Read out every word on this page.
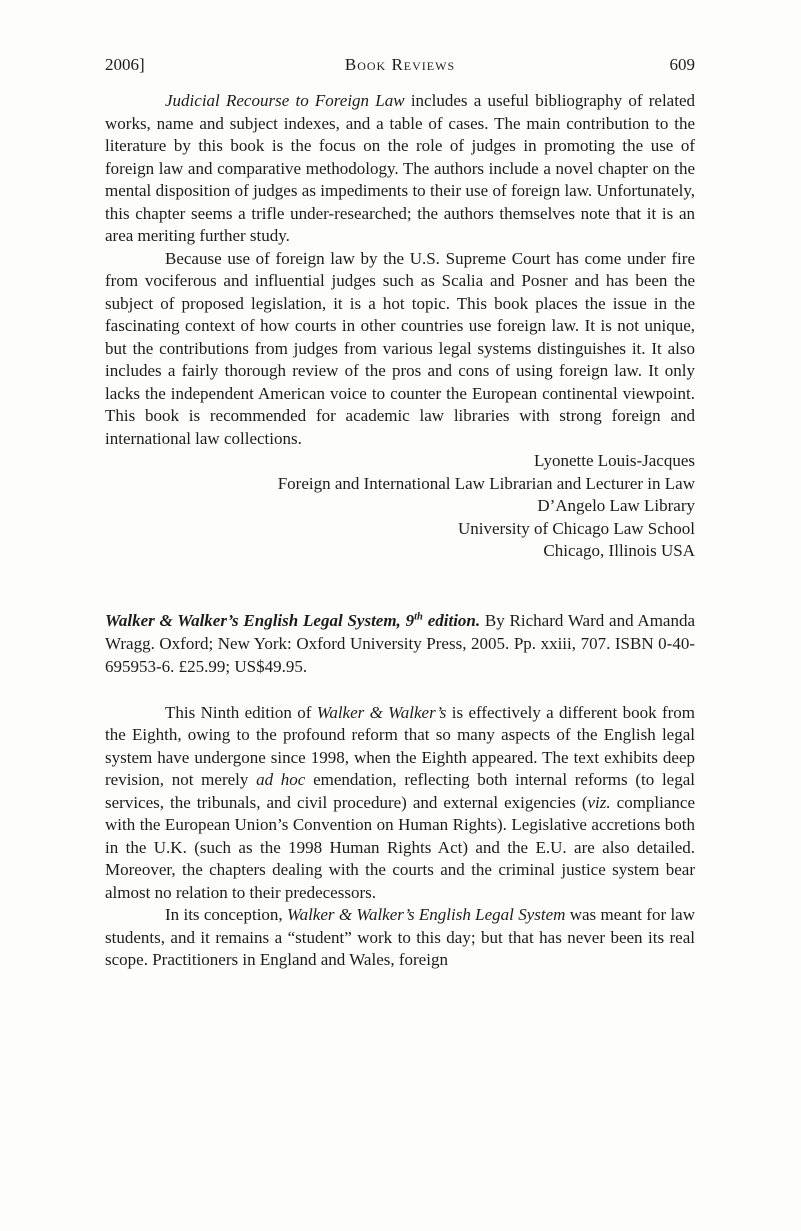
2006]	Book Reviews	609

Judicial Recourse to Foreign Law includes a useful bibliography of related works, name and subject indexes, and a table of cases. The main contribution to the literature by this book is the focus on the role of judges in promoting the use of foreign law and comparative methodology. The authors include a novel chapter on the mental disposition of judges as impediments to their use of foreign law. Unfortunately, this chapter seems a trifle under-researched; the authors themselves note that it is an area meriting further study.

Because use of foreign law by the U.S. Supreme Court has come under fire from vociferous and influential judges such as Scalia and Posner and has been the subject of proposed legislation, it is a hot topic. This book places the issue in the fascinating context of how courts in other countries use foreign law. It is not unique, but the contributions from judges from various legal systems distinguishes it. It also includes a fairly thorough review of the pros and cons of using foreign law. It only lacks the independent American voice to counter the European continental viewpoint. This book is recommended for academic law libraries with strong foreign and international law collections.

Lyonette Louis-Jacques
Foreign and International Law Librarian and Lecturer in Law
D’Angelo Law Library
University of Chicago Law School
Chicago, Illinois USA

Walker & Walker’s English Legal System, 9th edition. By Richard Ward and Amanda Wragg. Oxford; New York: Oxford University Press, 2005. Pp. xxiii, 707. ISBN 0-40-695953-6. £25.99; US$49.95.

This Ninth edition of Walker & Walker’s is effectively a different book from the Eighth, owing to the profound reform that so many aspects of the English legal system have undergone since 1998, when the Eighth appeared. The text exhibits deep revision, not merely ad hoc emendation, reflecting both internal reforms (to legal services, the tribunals, and civil procedure) and external exigencies (viz. compliance with the European Union’s Convention on Human Rights). Legislative accretions both in the U.K. (such as the 1998 Human Rights Act) and the E.U. are also detailed. Moreover, the chapters dealing with the courts and the criminal justice system bear almost no relation to their predecessors.

In its conception, Walker & Walker’s English Legal System was meant for law students, and it remains a “student” work to this day; but that has never been its real scope. Practitioners in England and Wales, foreign
